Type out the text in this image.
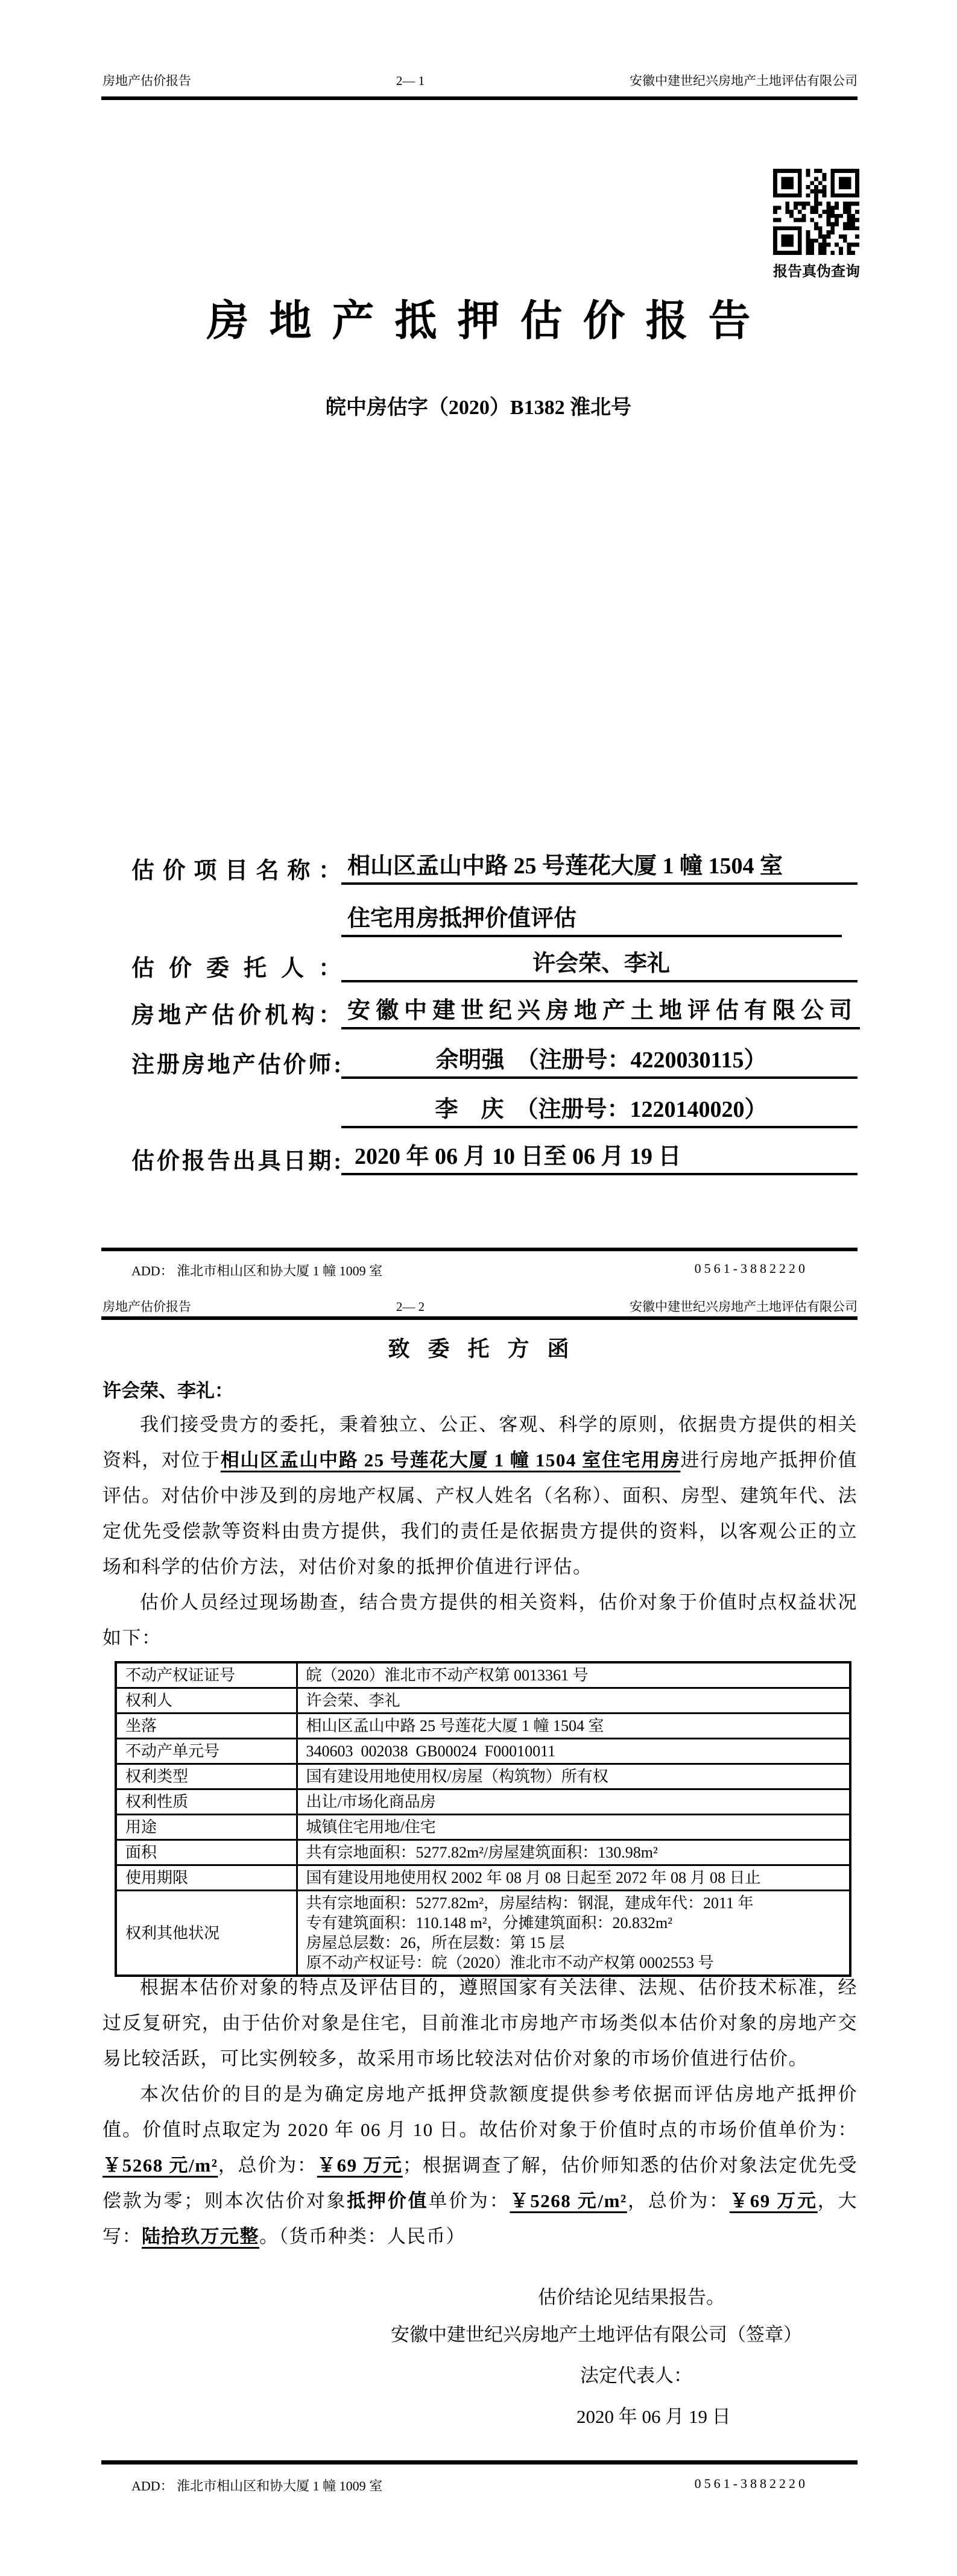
房地产估价报告	2— 1	安徽中建世纪兴房地产土地评估有限公司
报告真伪查询
房地产抵押估价报告
皖中房估字（2020）B1382 淮北号
估价项目名称： 相山区孟山中路 25 号莲花大厦 1 幢 1504 室
住宅用房抵押价值评估
估价委托人：	许会荣、李礼
房地产估价机构： 安徽中建世纪兴房地产土地评估有限公司
注册房地产估价师:	余明强　（注册号：4220030115）
李　庆　（注册号：1220140020）
估价报告出具日期: 2020 年 06 月 10 日至 06 月 19 日
ADD： 淮北市相山区和协大厦 1 幢 1009 室	0561-3882220
房地产估价报告	2— 2	安徽中建世纪兴房地产土地评估有限公司
致委托方函
许会荣、李礼：

我们接受贵方的委托，秉着独立、公正、客观、科学的原则，依据贵方提供的相关资料，对位于相山区孟山中路 25 号莲花大厦 1 幢 1504 室住宅用房进行房地产抵押价值评估。对估价中涉及到的房地产权属、产权人姓名（名称）、面积、房型、建筑年代、法定优先受偿款等资料由贵方提供，我们的责任是依据贵方提供的资料，以客观公正的立场和科学的估价方法，对估价对象的抵押价值进行评估。

估价人员经过现场勘查，结合贵方提供的相关资料，估价对象于价值时点权益状况如下：

不动产权证证号	皖（2020）淮北市不动产权第 0013361 号

权利人	许会荣、李礼

坐落	相山区孟山中路 25 号莲花大厦 1 幢 1504 室

不动产单元号	340603  002038  GB00024  F00010011

权利类型	国有建设用地使用权/房屋（构筑物）所有权

权利性质	出让/市场化商品房

用途	城镇住宅用地/住宅

面积	共有宗地面积：5277.82m²/房屋建筑面积：130.98m²

使用期限	国有建设用地使用权 2002 年 08 月 08 日起至 2072 年 08 月 08 日止

权利其他状况	共有宗地面积：5277.82m²，房屋结构：钢混，建成年代：2011 年
专有建筑面积：110.148 m²，分摊建筑面积：20.832m²
房屋总层数：26，所在层数：第 15 层
原不动产权证号：皖（2020）淮北市不动产权第 0002553 号

根据本估价对象的特点及评估目的，遵照国家有关法律、法规、估价技术标准，经过反复研究，由于估价对象是住宅，目前淮北市房地产市场类似本估价对象的房地产交易比较活跃，可比实例较多，故采用市场比较法对估价对象的市场价值进行估价。

本次估价的目的是为确定房地产抵押贷款额度提供参考依据而评估房地产抵押价值。价值时点取定为 2020 年 06 月 10 日。故估价对象于价值时点的市场价值单价为：￥5268 元/m²，总价为：￥69 万元；根据调查了解，估价师知悉的估价对象法定优先受偿款为零；则本次估价对象抵押价值单价为：￥5268 元/m²，总价为：￥69 万元，大写：陆拾玖万元整。（货币种类：人民币）

估价结论见结果报告。
安徽中建世纪兴房地产土地评估有限公司（签章）
法定代表人：
2020 年 06 月 19 日
ADD： 淮北市相山区和协大厦 1 幢 1009 室	0561-3882220
